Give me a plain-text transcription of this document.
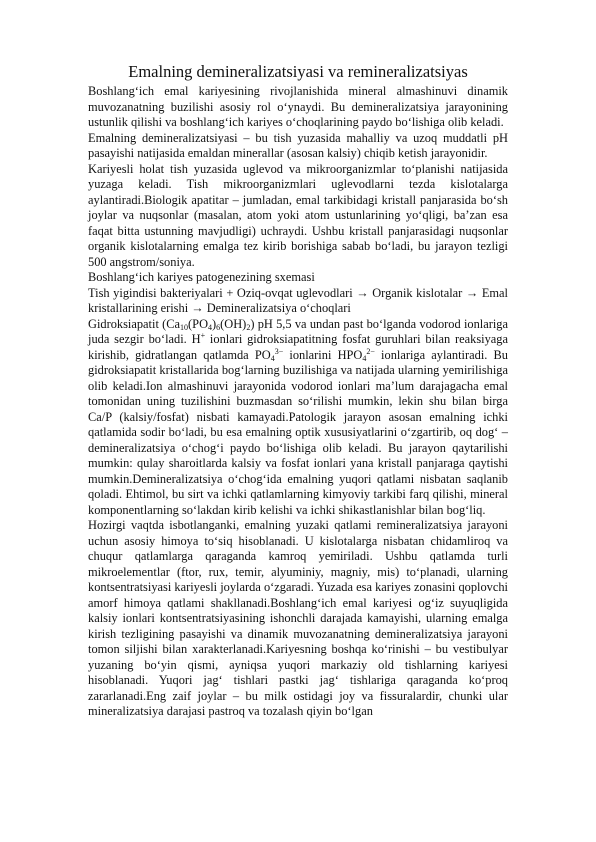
Emalning demineralizatsiyasi va remineralizatsiyas

Boshlang‘ich emal kariyesining rivojlanishida mineral almashinuvi dinamik muvozanatning buzilishi asosiy rol o‘ynaydi. Bu demineralizatsiya jarayonining ustunlik qilishi va boshlang‘ich kariyes o‘choqlarining paydo bo‘lishiga olib keladi.

Emalning demineralizatsiyasi – bu tish yuzasida mahalliy va uzoq muddatli pH pasayishi natijasida emaldan minerallar (asosan kalsiy) chiqib ketish jarayonidir.

Kariyesli holat tish yuzasida uglevod va mikroorganizmlar to‘planishi natijasida yuzaga keladi. Tish mikroorganizmlari uglevodlarni tezda kislotalarga aylantiradi.Biologik apatitar – jumladan, emal tarkibidagi kristall panjarasida bo‘sh joylar va nuqsonlar (masalan, atom yoki atom ustunlarining yo‘qligi, ba’zan esa faqat bitta ustunning mavjudligi) uchraydi. Ushbu kristall panjarasidagi nuqsonlar organik kislotalarning emalga tez kirib borishiga sabab bo‘ladi, bu jarayon tezligi 500 angstrom/soniya.

Boshlang‘ich kariyes patogenezining sxemasi

Tish yigindisi bakteriyalari + Oziq-ovqat uglevodlari → Organik kislotalar → Emal kristallarining erishi → Demineralizatsiya o‘choqlari

Gidroksiapatit $(Ca_{10}(PO_4)_6(OH)_2)$ pH 5,5 va undan past bo‘lganda vodorod ionlariga juda sezgir bo‘ladi. H+ ionlari gidroksiapatitning fosfat guruhlari bilan reaksiyaga kirishib, gidratlangan qatlamda $PO_4^{3-}$ ionlarini $HPO_4^{2-}$ ionlariga aylantiradi. Bu gidroksiapatit kristallarida bog‘larning buzilishiga va natijada ularning yemirilishiga olib keladi.Ion almashinuvi jarayonida vodorod ionlari ma’lum darajagacha emal tomonidan uning tuzilishini buzmasdan so‘rilishi mumkin, lekin shu bilan birga Ca/P (kalsiy/fosfat) nisbati kamayadi.Patologik jarayon asosan emalning ichki qatlamida sodir bo‘ladi, bu esa emalning optik xususiyatlarini o‘zgartirib, oq dog‘ – demineralizatsiya o‘chog‘i paydo bo‘lishiga olib keladi. Bu jarayon qaytarilishi mumkin: qulay sharoitlarda kalsiy va fosfat ionlari yana kristall panjaraga qaytishi mumkin.Demineralizatsiya o‘chog‘ida emalning yuqori qatlami nisbatan saqlanib qoladi. Ehtimol, bu sirt va ichki qatlamlarning kimyoviy tarkibi farq qilishi, mineral komponentlarning so‘lakdan kirib kelishi va ichki shikastlanishlar bilan bog‘liq.

Hozirgi vaqtda isbotlanganki, emalning yuzaki qatlami remineralizatsiya jarayoni uchun asosiy himoya to‘siq hisoblanadi. U kislotalarga nisbatan chidamliroq va chuqur qatlamlarga qaraganda kamroq yemiriladi. Ushbu qatlamda turli mikroelementlar (ftor, rux, temir, alyuminiy, magniy, mis) to‘planadi, ularning kontsentratsiyasi kariyesli joylarda o‘zgaradi. Yuzada esa kariyes zonasini qoplovchi amorf himoya qatlami shakllanadi.Boshlang‘ich emal kariyesi og‘iz suyuqligida kalsiy ionlari kontsentratsiyasining ishonchli darajada kamayishi, ularning emalga kirish tezligining pasayishi va dinamik muvozanatning demineralizatsiya jarayoni tomon siljishi bilan xarakterlanadi.Kariyesning boshqa ko‘rinishi – bu vestibulyar yuzaning bo‘yin qismi, ayniqsa yuqori markaziy old tishlarning kariyesi hisoblanadi. Yuqori jag‘ tishlari pastki jag‘ tishlariga qaraganda ko‘proq zararlanadi.Eng zaif joylar – bu milk ostidagi joy va fissuralardir, chunki ular mineralizatsiya darajasi pastroq va tozalash qiyin bo‘lgan
